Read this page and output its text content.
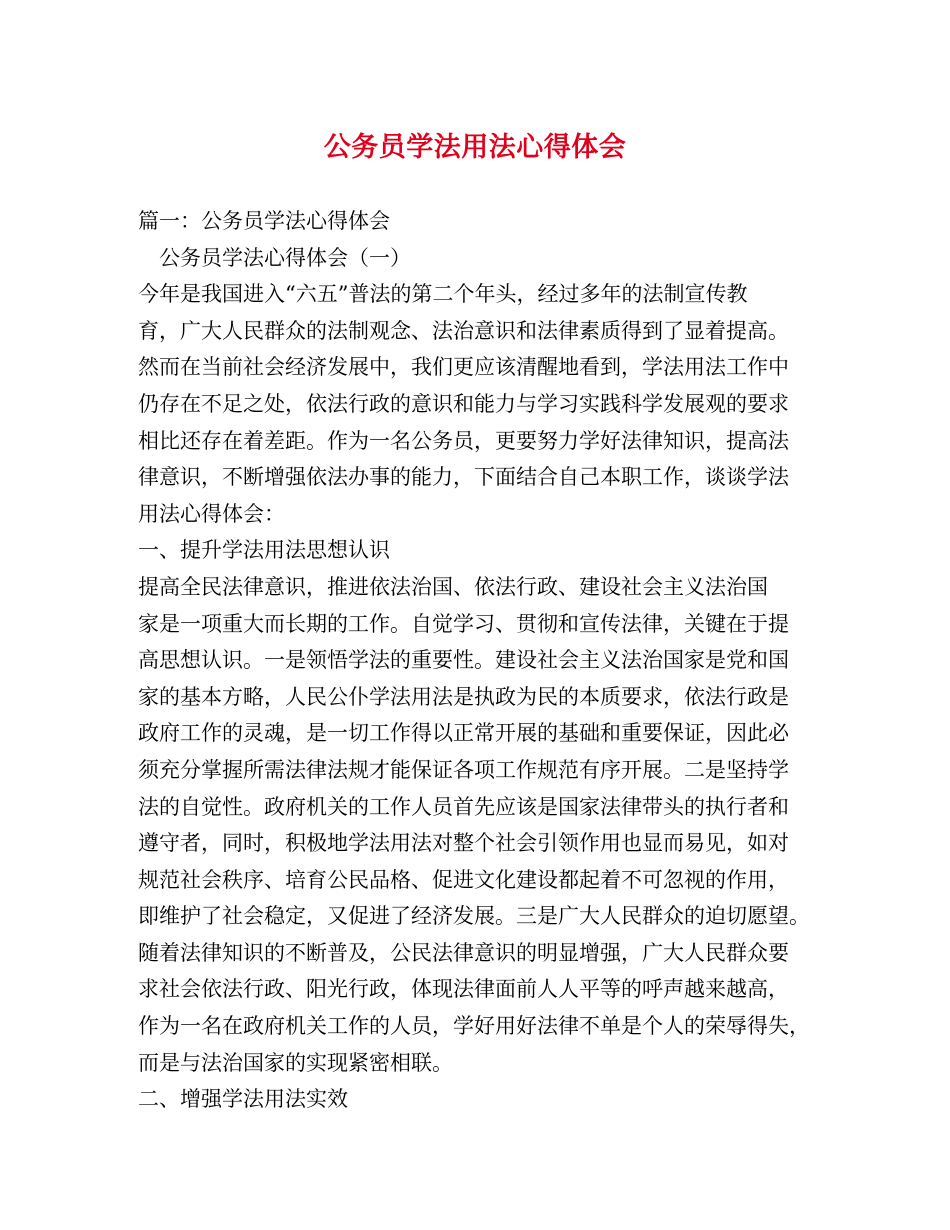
公务员学法用法心得体会
篇一：公务员学法心得体会
　公务员学法心得体会（一）
今年是我国进入“六五”普法的第二个年头，经过多年的法制宣传教
育，广大人民群众的法制观念、法治意识和法律素质得到了显着提高。
然而在当前社会经济发展中，我们更应该清醒地看到，学法用法工作中
仍存在不足之处，依法行政的意识和能力与学习实践科学发展观的要求
相比还存在着差距。作为一名公务员，更要努力学好法律知识，提高法
律意识，不断增强依法办事的能力，下面结合自己本职工作，谈谈学法
用法心得体会：
一、提升学法用法思想认识
提高全民法律意识，推进依法治国、依法行政、建设社会主义法治国
家是一项重大而长期的工作。自觉学习、贯彻和宣传法律，关键在于提
高思想认识。一是领悟学法的重要性。建设社会主义法治国家是党和国
家的基本方略，人民公仆学法用法是执政为民的本质要求，依法行政是
政府工作的灵魂，是一切工作得以正常开展的基础和重要保证，因此必
须充分掌握所需法律法规才能保证各项工作规范有序开展。二是坚持学
法的自觉性。政府机关的工作人员首先应该是国家法律带头的执行者和
遵守者，同时，积极地学法用法对整个社会引领作用也显而易见，如对
规范社会秩序、培育公民品格、促进文化建设都起着不可忽视的作用，
即维护了社会稳定，又促进了经济发展。三是广大人民群众的迫切愿望。
随着法律知识的不断普及，公民法律意识的明显增强，广大人民群众要
求社会依法行政、阳光行政，体现法律面前人人平等的呼声越来越高，
作为一名在政府机关工作的人员，学好用好法律不单是个人的荣辱得失，
而是与法治国家的实现紧密相联。
二、增强学法用法实效
